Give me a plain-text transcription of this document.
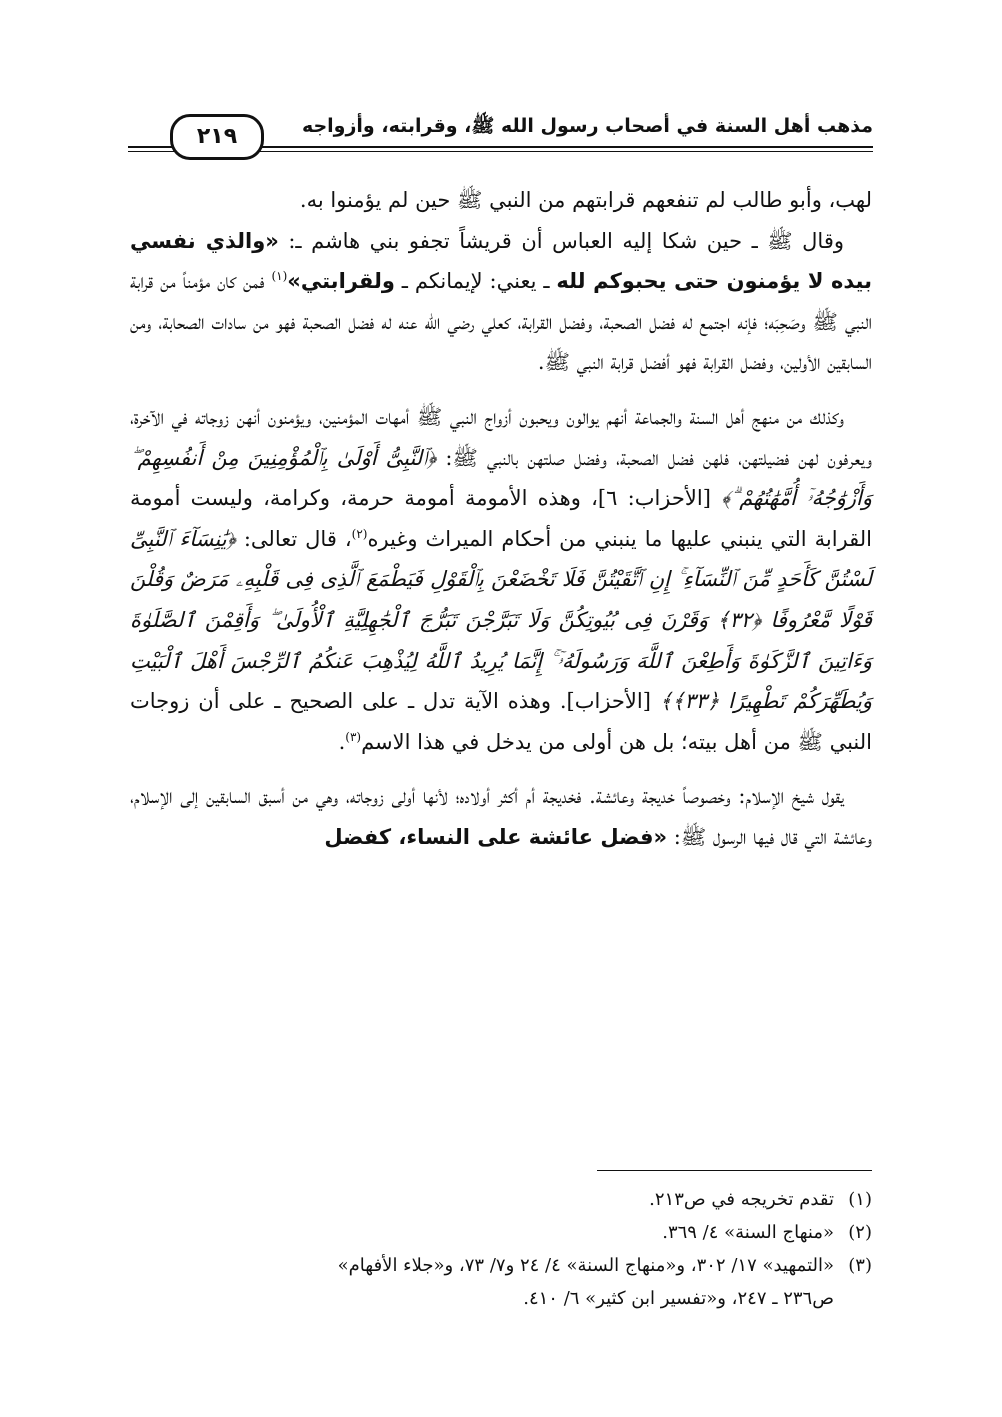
مذهب أهل السنة في أصحاب رسول الله ﷺ، وقرابته، وأزواجه
٢١٩

لهب، وأبو طالب لم تنفعهم قرابتهم من النبي ﷺ حين لم يؤمنوا به.

وقال ﷺ ـ حين شكا إليه العباس أن قريشاً تجفو بني هاشم ـ: «والذي نفسي بيده لا يؤمنون حتى يحبوكم لله ـ يعني: لإيمانكم ـ ولقرابتي»$^{(١)}$ فمن كان مؤمناً من قرابة النبي ﷺ وصَحِبَه؛ فإنه اجتمع له فضل الصحبة، وفضل القرابة، كعلي رضي الله عنه له فضل الصحبة فهو من سادات الصحابة، ومن السابقين الأولين، وفضل القرابة فهو أفضل قرابة النبي ﷺ.

وكذلك من منهج أهل السنة والجماعة أنهم يوالون ويحبون أزواج النبي ﷺ أمهات المؤمنين، ويؤمنون أنهن زوجاته في الآخرة، ويعرفون لهن فضيلتهن، فلهن فضل الصحبة، وفضل صلتهن بالنبي ﷺ: ﴿ٱلنَّبِىُّ أَوْلَىٰ بِٱلْمُؤْمِنِينَ مِنْ أَنفُسِهِمْ ۖ وَأَزْوَٰجُهُۥٓ أُمَّهَٰتُهُمْ ۗ﴾ [الأحزاب: ٦]، وهذه الأمومة أمومة حرمة، وكرامة، وليست أمومة القرابة التي ينبني عليها ما ينبني من أحكام الميراث وغيره$^{(٢)}$، قال تعالى: ﴿يَٰنِسَآءَ ٱلنَّبِىِّ لَسْتُنَّ كَأَحَدٍ مِّنَ ٱلنِّسَآءِ ۚ إِنِ ٱتَّقَيْتُنَّ فَلَا تَخْضَعْنَ بِٱلْقَوْلِ فَيَطْمَعَ ٱلَّذِى فِى قَلْبِهِۦ مَرَضٌ وَقُلْنَ قَوْلًا مَّعْرُوفًا ﴿٣٢﴾ وَقَرْنَ فِى بُيُوتِكُنَّ وَلَا تَبَرَّجْنَ تَبَرُّجَ ٱلْجَٰهِلِيَّةِ ٱلْأُولَىٰ ۖ وَأَقِمْنَ ٱلصَّلَوٰةَ وَءَاتِينَ ٱلزَّكَوٰةَ وَأَطِعْنَ ٱللَّهَ وَرَسُولَهُۥٓ ۚ إِنَّمَا يُرِيدُ ٱللَّهُ لِيُذْهِبَ عَنكُمُ ٱلرِّجْسَ أَهْلَ ٱلْبَيْتِ وَيُطَهِّرَكُمْ تَطْهِيرًا ﴿٣٣﴾﴾ [الأحزاب]. وهذه الآية تدل ـ على الصحيح ـ على أن زوجات النبي ﷺ من أهل بيته؛ بل هن أولى من يدخل في هذا الاسم$^{(٣)}$.

يقول شيخ الإسلام: وخصوصاً خديجة وعائشة. فخديجة أم أكثر أولاده؛ لأنها أولى زوجاته، وهي من أسبق السابقين إلى الإسلام، وعائشة التي قال فيها الرسول ﷺ: «فضل عائشة على النساء، كفضل

(١)تقدم تخريجه في ص٢١٣.

(٢)«منهاج السنة» ٤/ ٣٦٩.

(٣)«التمهيد» ١٧/ ٣٠٢، و«منهاج السنة» ٤/ ٢٤ و٧/ ٧٣، و«جلاء الأفهام»

ص٢٣٦ ـ ٢٤٧، و«تفسير ابن كثير» ٦/ ٤١٠.
